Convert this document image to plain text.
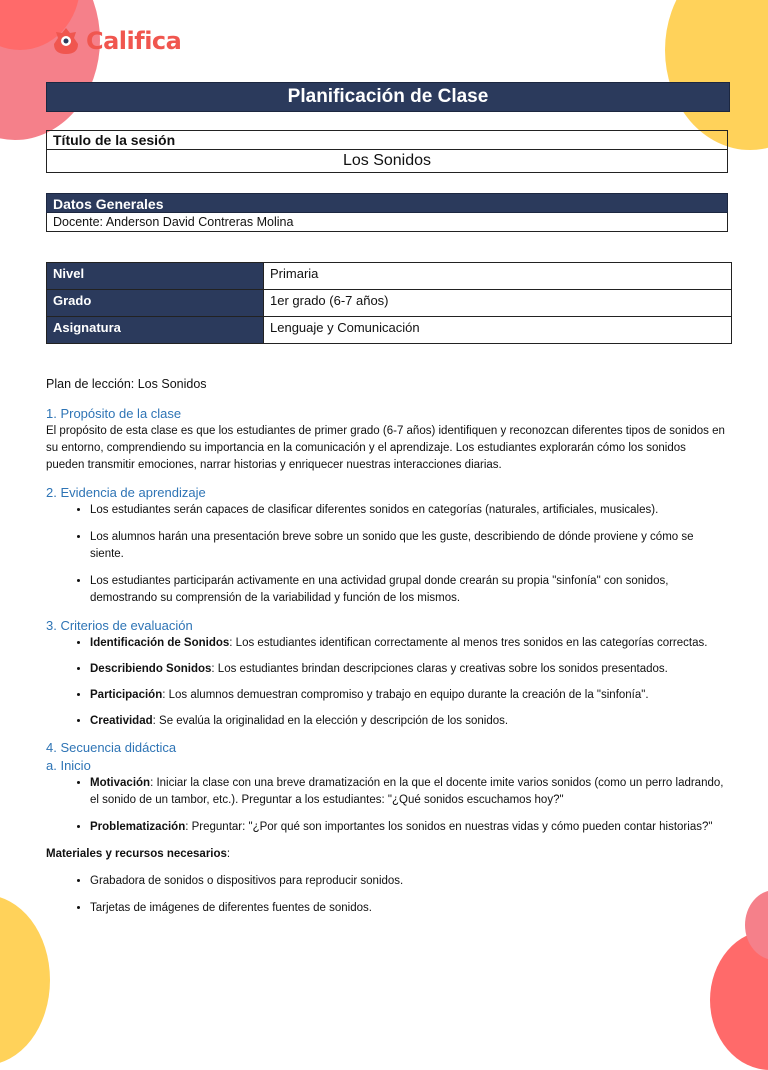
Califica
Planificación de Clase
Título de la sesión
Los Sonidos
Datos Generales
Docente: Anderson David Contreras Molina
Nivel	Primaria
Grado	1er grado (6-7 años)
Asignatura	Lenguaje y Comunicación

Plan de lección: Los Sonidos

1. Propósito de la clase

El propósito de esta clase es que los estudiantes de primer grado (6-7 años) identifiquen y reconozcan diferentes tipos de sonidos en su entorno, comprendiendo su importancia en la comunicación y el aprendizaje. Los estudiantes explorarán cómo los sonidos pueden transmitir emociones, narrar historias y enriquecer nuestras interacciones diarias.

2. Evidencia de aprendizaje
• Los estudiantes serán capaces de clasificar diferentes sonidos en categorías (naturales, artificiales, musicales).
• Los alumnos harán una presentación breve sobre un sonido que les guste, describiendo de dónde proviene y cómo se siente.
• Los estudiantes participarán activamente en una actividad grupal donde crearán su propia "sinfonía" con sonidos, demostrando su comprensión de la variabilidad y función de los mismos.
3. Criterios de evaluación
• Identificación de Sonidos: Los estudiantes identifican correctamente al menos tres sonidos en las categorías correctas.
• Describiendo Sonidos: Los estudiantes brindan descripciones claras y creativas sobre los sonidos presentados.
• Participación: Los alumnos demuestran compromiso y trabajo en equipo durante la creación de la "sinfonía".
• Creatividad: Se evalúa la originalidad en la elección y descripción de los sonidos.
4. Secuencia didáctica
a. Inicio
• Motivación: Iniciar la clase con una breve dramatización en la que el docente imite varios sonidos (como un perro ladrando, el sonido de un tambor, etc.). Preguntar a los estudiantes: "¿Qué sonidos escuchamos hoy?"
• Problematización: Preguntar: "¿Por qué son importantes los sonidos en nuestras vidas y cómo pueden contar historias?"

Materiales y recursos necesarios:

• Grabadora de sonidos o dispositivos para reproducir sonidos.
• Tarjetas de imágenes de diferentes fuentes de sonidos.
